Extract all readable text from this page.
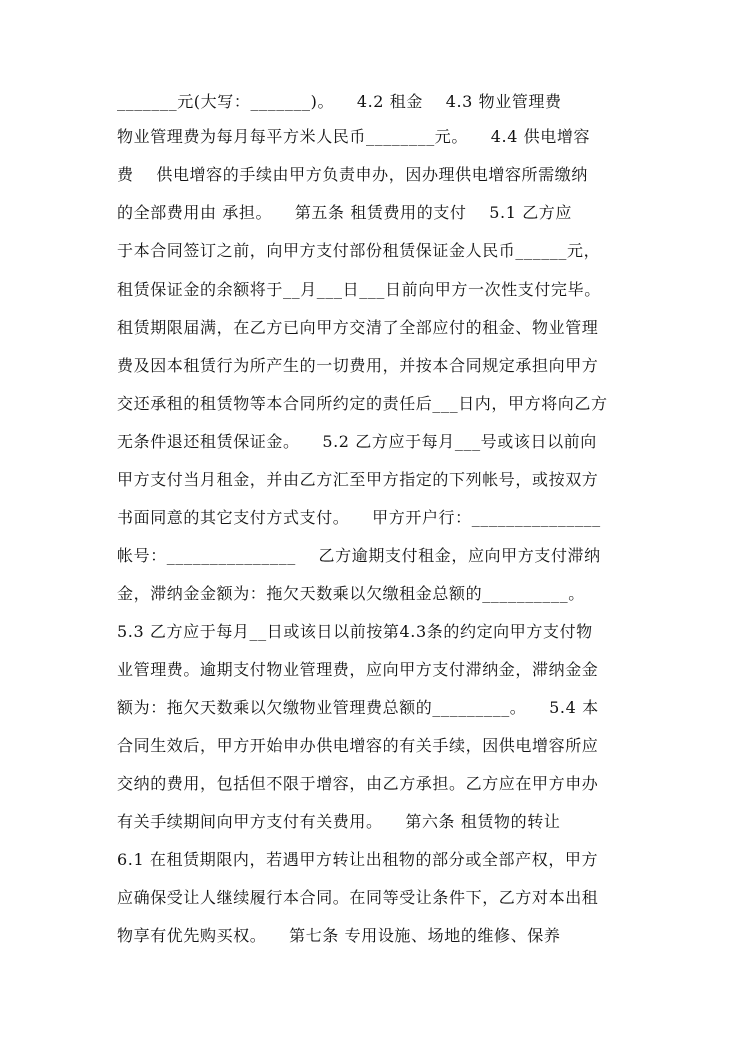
_______元(大写：_______)。    4.2 租金    4.3 物业管理费
物业管理费为每月每平方米人民币________元。    4.4 供电增容
费    供电增容的手续由甲方负责申办，因办理供电增容所需缴纳
的全部费用由 承担。    第五条 租赁费用的支付    5.1 乙方应
于本合同签订之前，向甲方支付部份租赁保证金人民币______元，
租赁保证金的余额将于__月___日___日前向甲方一次性支付完毕。
租赁期限届满，在乙方已向甲方交清了全部应付的租金、物业管理
费及因本租赁行为所产生的一切费用，并按本合同规定承担向甲方
交还承租的租赁物等本合同所约定的责任后___日内，甲方将向乙方
无条件退还租赁保证金。    5.2 乙方应于每月___号或该日以前向
甲方支付当月租金，并由乙方汇至甲方指定的下列帐号，或按双方
书面同意的其它支付方式支付。    甲方开户行：_______________
帐号：_______________    乙方逾期支付租金，应向甲方支付滞纳
金，滞纳金金额为：拖欠天数乘以欠缴租金总额的__________。
5.3 乙方应于每月__日或该日以前按第4.3条的约定向甲方支付物
业管理费。逾期支付物业管理费，应向甲方支付滞纳金，滞纳金金
额为：拖欠天数乘以欠缴物业管理费总额的_________。    5.4 本
合同生效后，甲方开始申办供电增容的有关手续，因供电增容所应
交纳的费用，包括但不限于增容，由乙方承担。乙方应在甲方申办
有关手续期间向甲方支付有关费用。    第六条 租赁物的转让
6.1 在租赁期限内，若遇甲方转让出租物的部分或全部产权，甲方
应确保受让人继续履行本合同。在同等受让条件下，乙方对本出租
物享有优先购买权。    第七条 专用设施、场地的维修、保养
